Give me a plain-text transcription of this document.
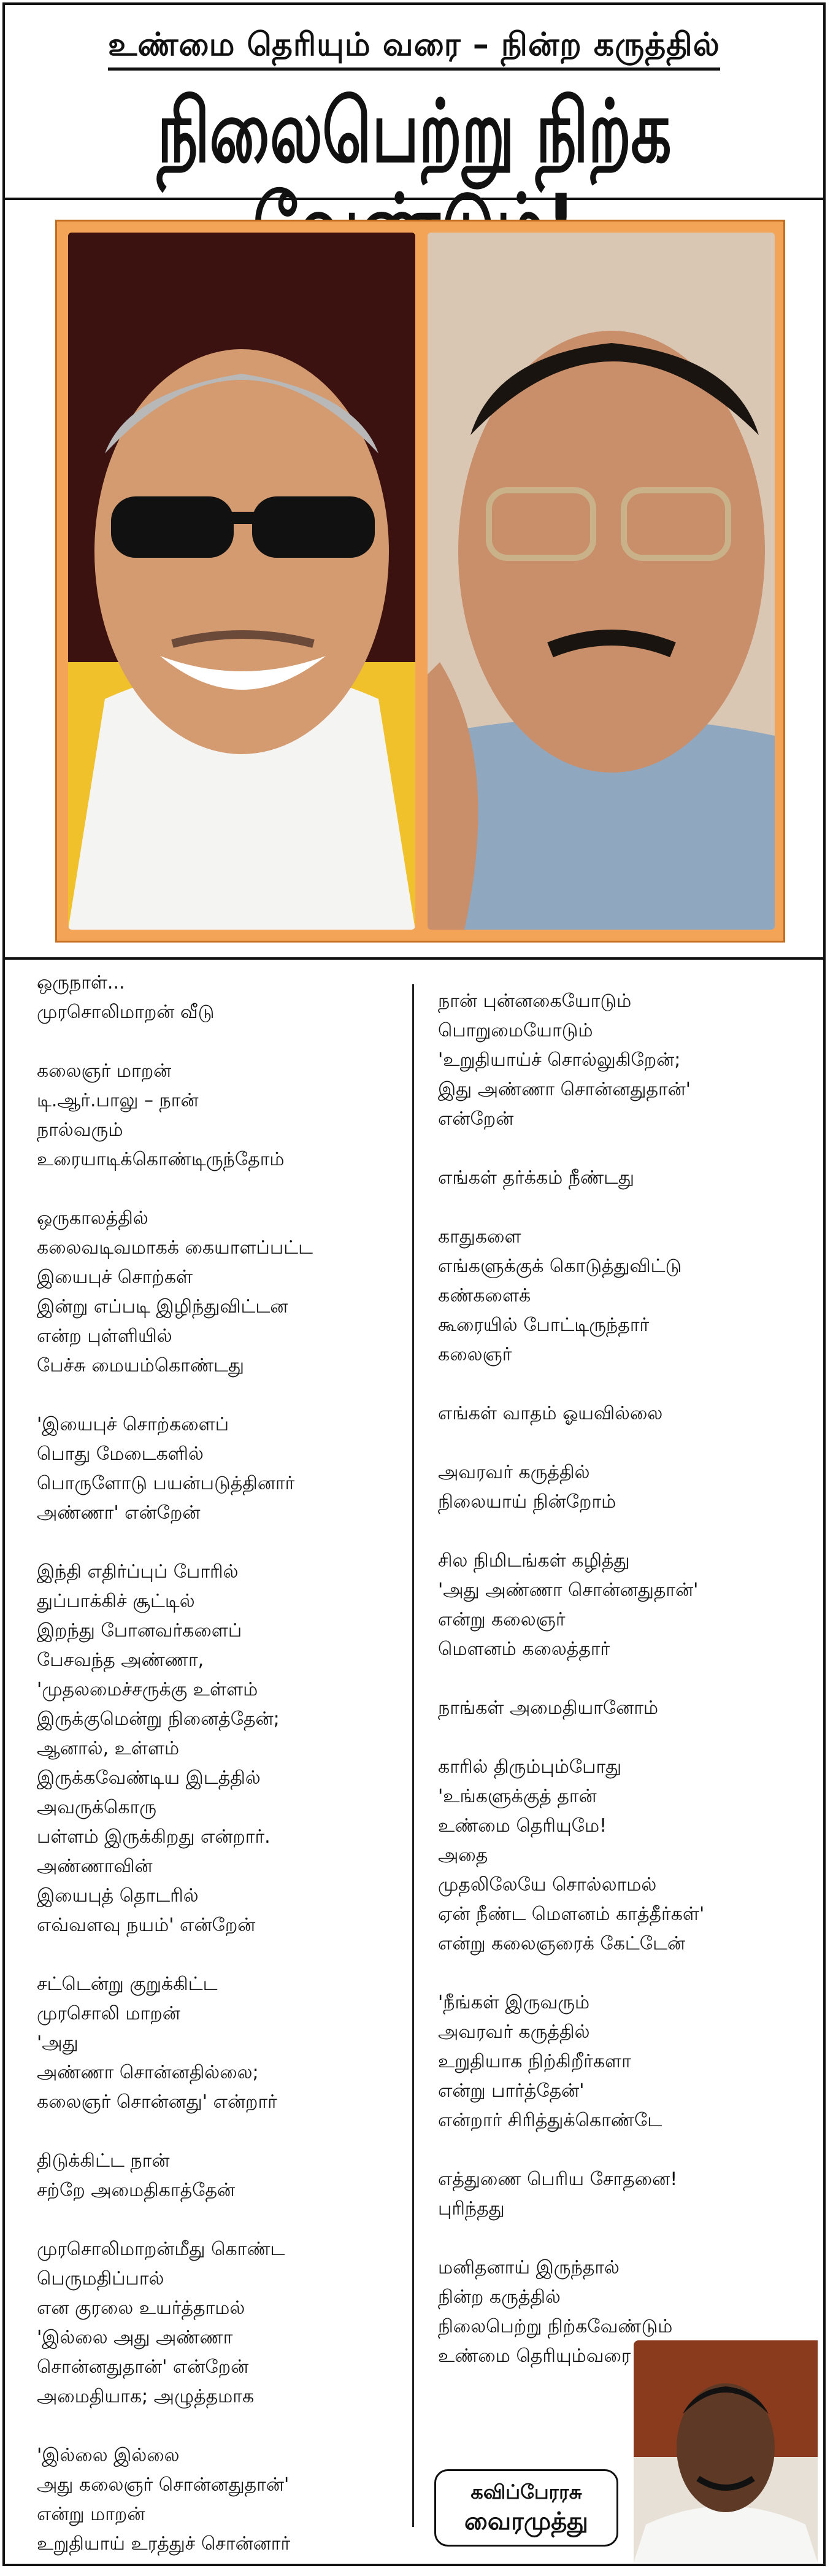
உண்மை தெரியும் வரை – நின்ற கருத்தில்
நிலைபெற்று நிற்க
ஒருநாள்...
முரசொலிமாறன் வீடு
கலைஞர் மாறன்
டி.ஆர்.பாலு – நான்
நால்வரும்
உரையாடிக்கொண்டிருந்தோம்
ஒருகாலத்தில்
கலைவடிவமாகக் கையாளப்பட்ட
இயைபுச் சொற்கள்
இன்று எப்படி இழிந்துவிட்டன
என்ற புள்ளியில்
பேச்சு மையம்கொண்டது
'இயைபுச் சொற்களைப்
பொது மேடைகளில்
பொருளோடு பயன்படுத்தினார்
அண்ணா' என்றேன்
இந்தி எதிர்ப்புப் போரில்
துப்பாக்கிச் சூட்டில்
இறந்து போனவர்களைப்
பேசவந்த அண்ணா,
'முதலமைச்சருக்கு உள்ளம்
இருக்குமென்று நினைத்தேன்;
ஆனால், உள்ளம்
இருக்கவேண்டிய இடத்தில்
அவருக்கொரு
பள்ளம் இருக்கிறது என்றார்.
அண்ணாவின்
இயைபுத் தொடரில்
எவ்வளவு நயம்' என்றேன்
சட்டென்று குறுக்கிட்ட
முரசொலி மாறன்
'அது
அண்ணா சொன்னதில்லை;
கலைஞர் சொன்னது' என்றார்
திடுக்கிட்ட நான்
சற்றே அமைதிகாத்தேன்
முரசொலிமாறன்மீது கொண்ட
பெருமதிப்பால்
என குரலை உயர்த்தாமல்
'இல்லை அது அண்ணா
சொன்னதுதான்' என்றேன்
அமைதியாக; அழுத்தமாக
'இல்லை இல்லை
அது கலைஞர் சொன்னதுதான்'
என்று மாறன்
உறுதியாய் உரத்துச் சொன்னார்
நான் புன்னகையோடும்
பொறுமையோடும்
'உறுதியாய்ச் சொல்லுகிறேன்;
இது அண்ணா சொன்னதுதான்'
என்றேன்
எங்கள் தர்க்கம் நீண்டது
காதுகளை
எங்களுக்குக் கொடுத்துவிட்டு
கண்களைக்
கூரையில் போட்டிருந்தார்
கலைஞர்
எங்கள் வாதம் ஓயவில்லை
அவரவர் கருத்தில்
நிலையாய் நின்றோம்
சில நிமிடங்கள் கழித்து
'அது அண்ணா சொன்னதுதான்'
என்று கலைஞர்
மௌனம் கலைத்தார்
நாங்கள் அமைதியானோம்
காரில் திரும்பும்போது
'உங்களுக்குத் தான்
உண்மை தெரியுமே!
அதை
முதலிலேயே சொல்லாமல்
ஏன் நீண்ட மௌனம் காத்தீர்கள்'
என்று கலைஞரைக் கேட்டேன்
'நீங்கள் இருவரும்
அவரவர் கருத்தில்
உறுதியாக நிற்கிறீர்களா
என்று பார்த்தேன்'
என்றார் சிரித்துக்கொண்டே
எத்துணை பெரிய சோதனை!
புரிந்தது
மனிதனாய் இருந்தால்
நின்ற கருத்தில்
நிலைபெற்று நிற்கவேண்டும்
உண்மை தெரியும்வரை
கவிப்பேரரசு
வைரமுத்து
